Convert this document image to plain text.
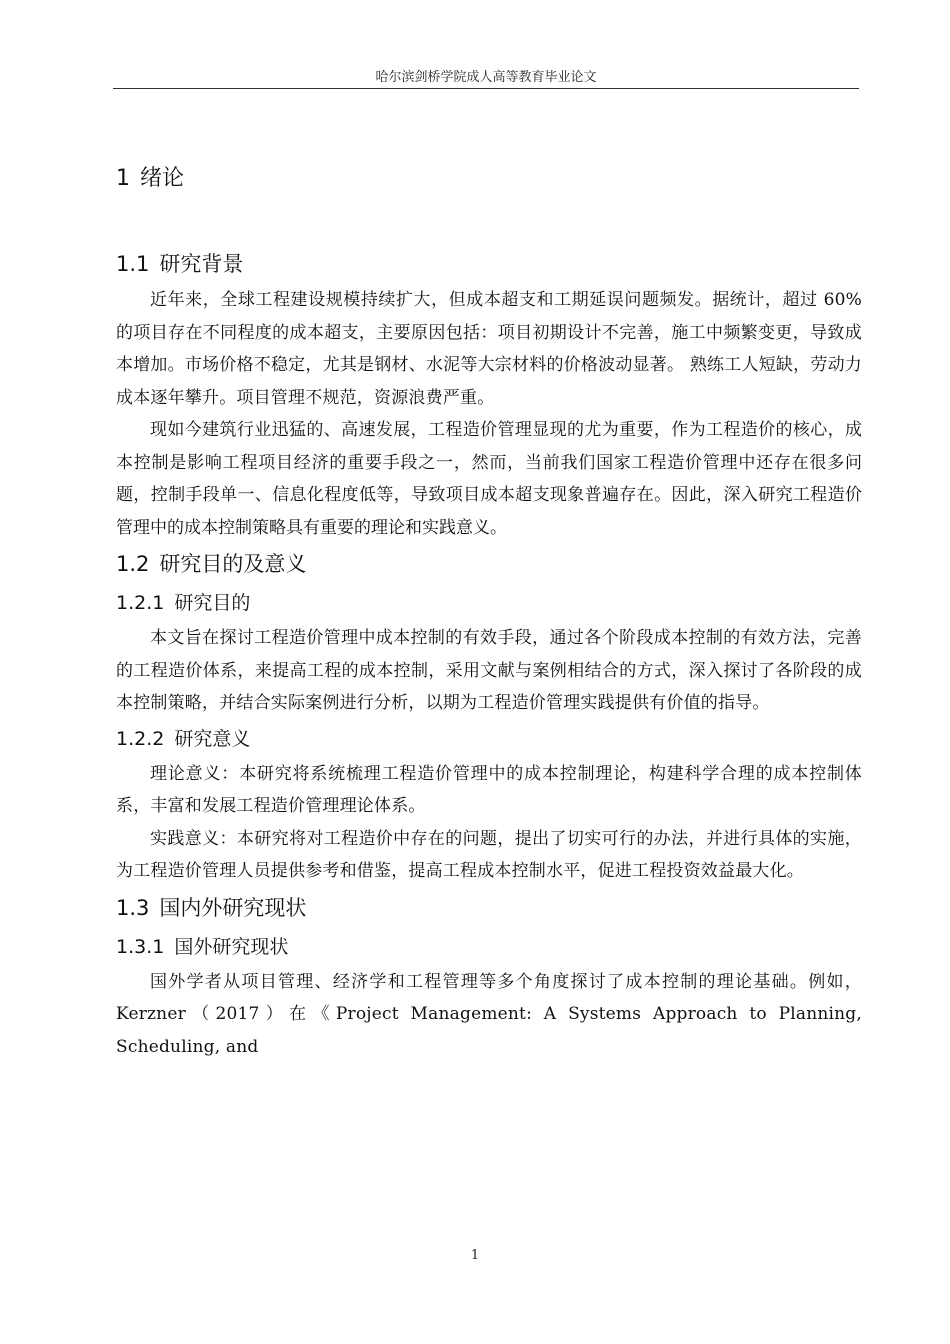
哈尔滨剑桥学院成人高等教育毕业论文
1 绪论
1.1 研究背景

近年来，全球工程建设规模持续扩大，但成本超支和工期延误问题频发。据统计，超过 60%的项目存在不同程度的成本超支，主要原因包括：项目初期设计不完善，施工中频繁变更，导致成本增加。市场价格不稳定，尤其是钢材、水泥等大宗材料的价格波动显著。 熟练工人短缺，劳动力成本逐年攀升。项目管理不规范，资源浪费严重。

现如今建筑行业迅猛的、高速发展，工程造价管理显现的尤为重要，作为工程造价的核心，成本控制是影响工程项目经济的重要手段之一，然而，当前我们国家工程造价管理中还存在很多问题，控制手段单一、信息化程度低等，导致项目成本超支现象普遍存在。因此，深入研究工程造价管理中的成本控制策略具有重要的理论和实践意义。

1.2 研究目的及意义
1.2.1 研究目的

本文旨在探讨工程造价管理中成本控制的有效手段，通过各个阶段成本控制的有效方法，完善的工程造价体系，来提高工程的成本控制，采用文献与案例相结合的方式，深入探讨了各阶段的成本控制策略，并结合实际案例进行分析，以期为工程造价管理实践提供有价值的指导。

1.2.2 研究意义

理论意义：本研究将系统梳理工程造价管理中的成本控制理论，构建科学合理的成本控制体系，丰富和发展工程造价管理理论体系。

实践意义：本研究将对工程造价中存在的问题，提出了切实可行的办法，并进行具体的实施，为工程造价管理人员提供参考和借鉴，提高工程成本控制水平，促进工程投资效益最大化。

1.3 国内外研究现状
1.3.1 国外研究现状

国外学者从项目管理、经济学和工程管理等多个角度探讨了成本控制的理论基础。例如，Kerzner（2017）在《Project Management: A Systems Approach to Planning, Scheduling, and

1
